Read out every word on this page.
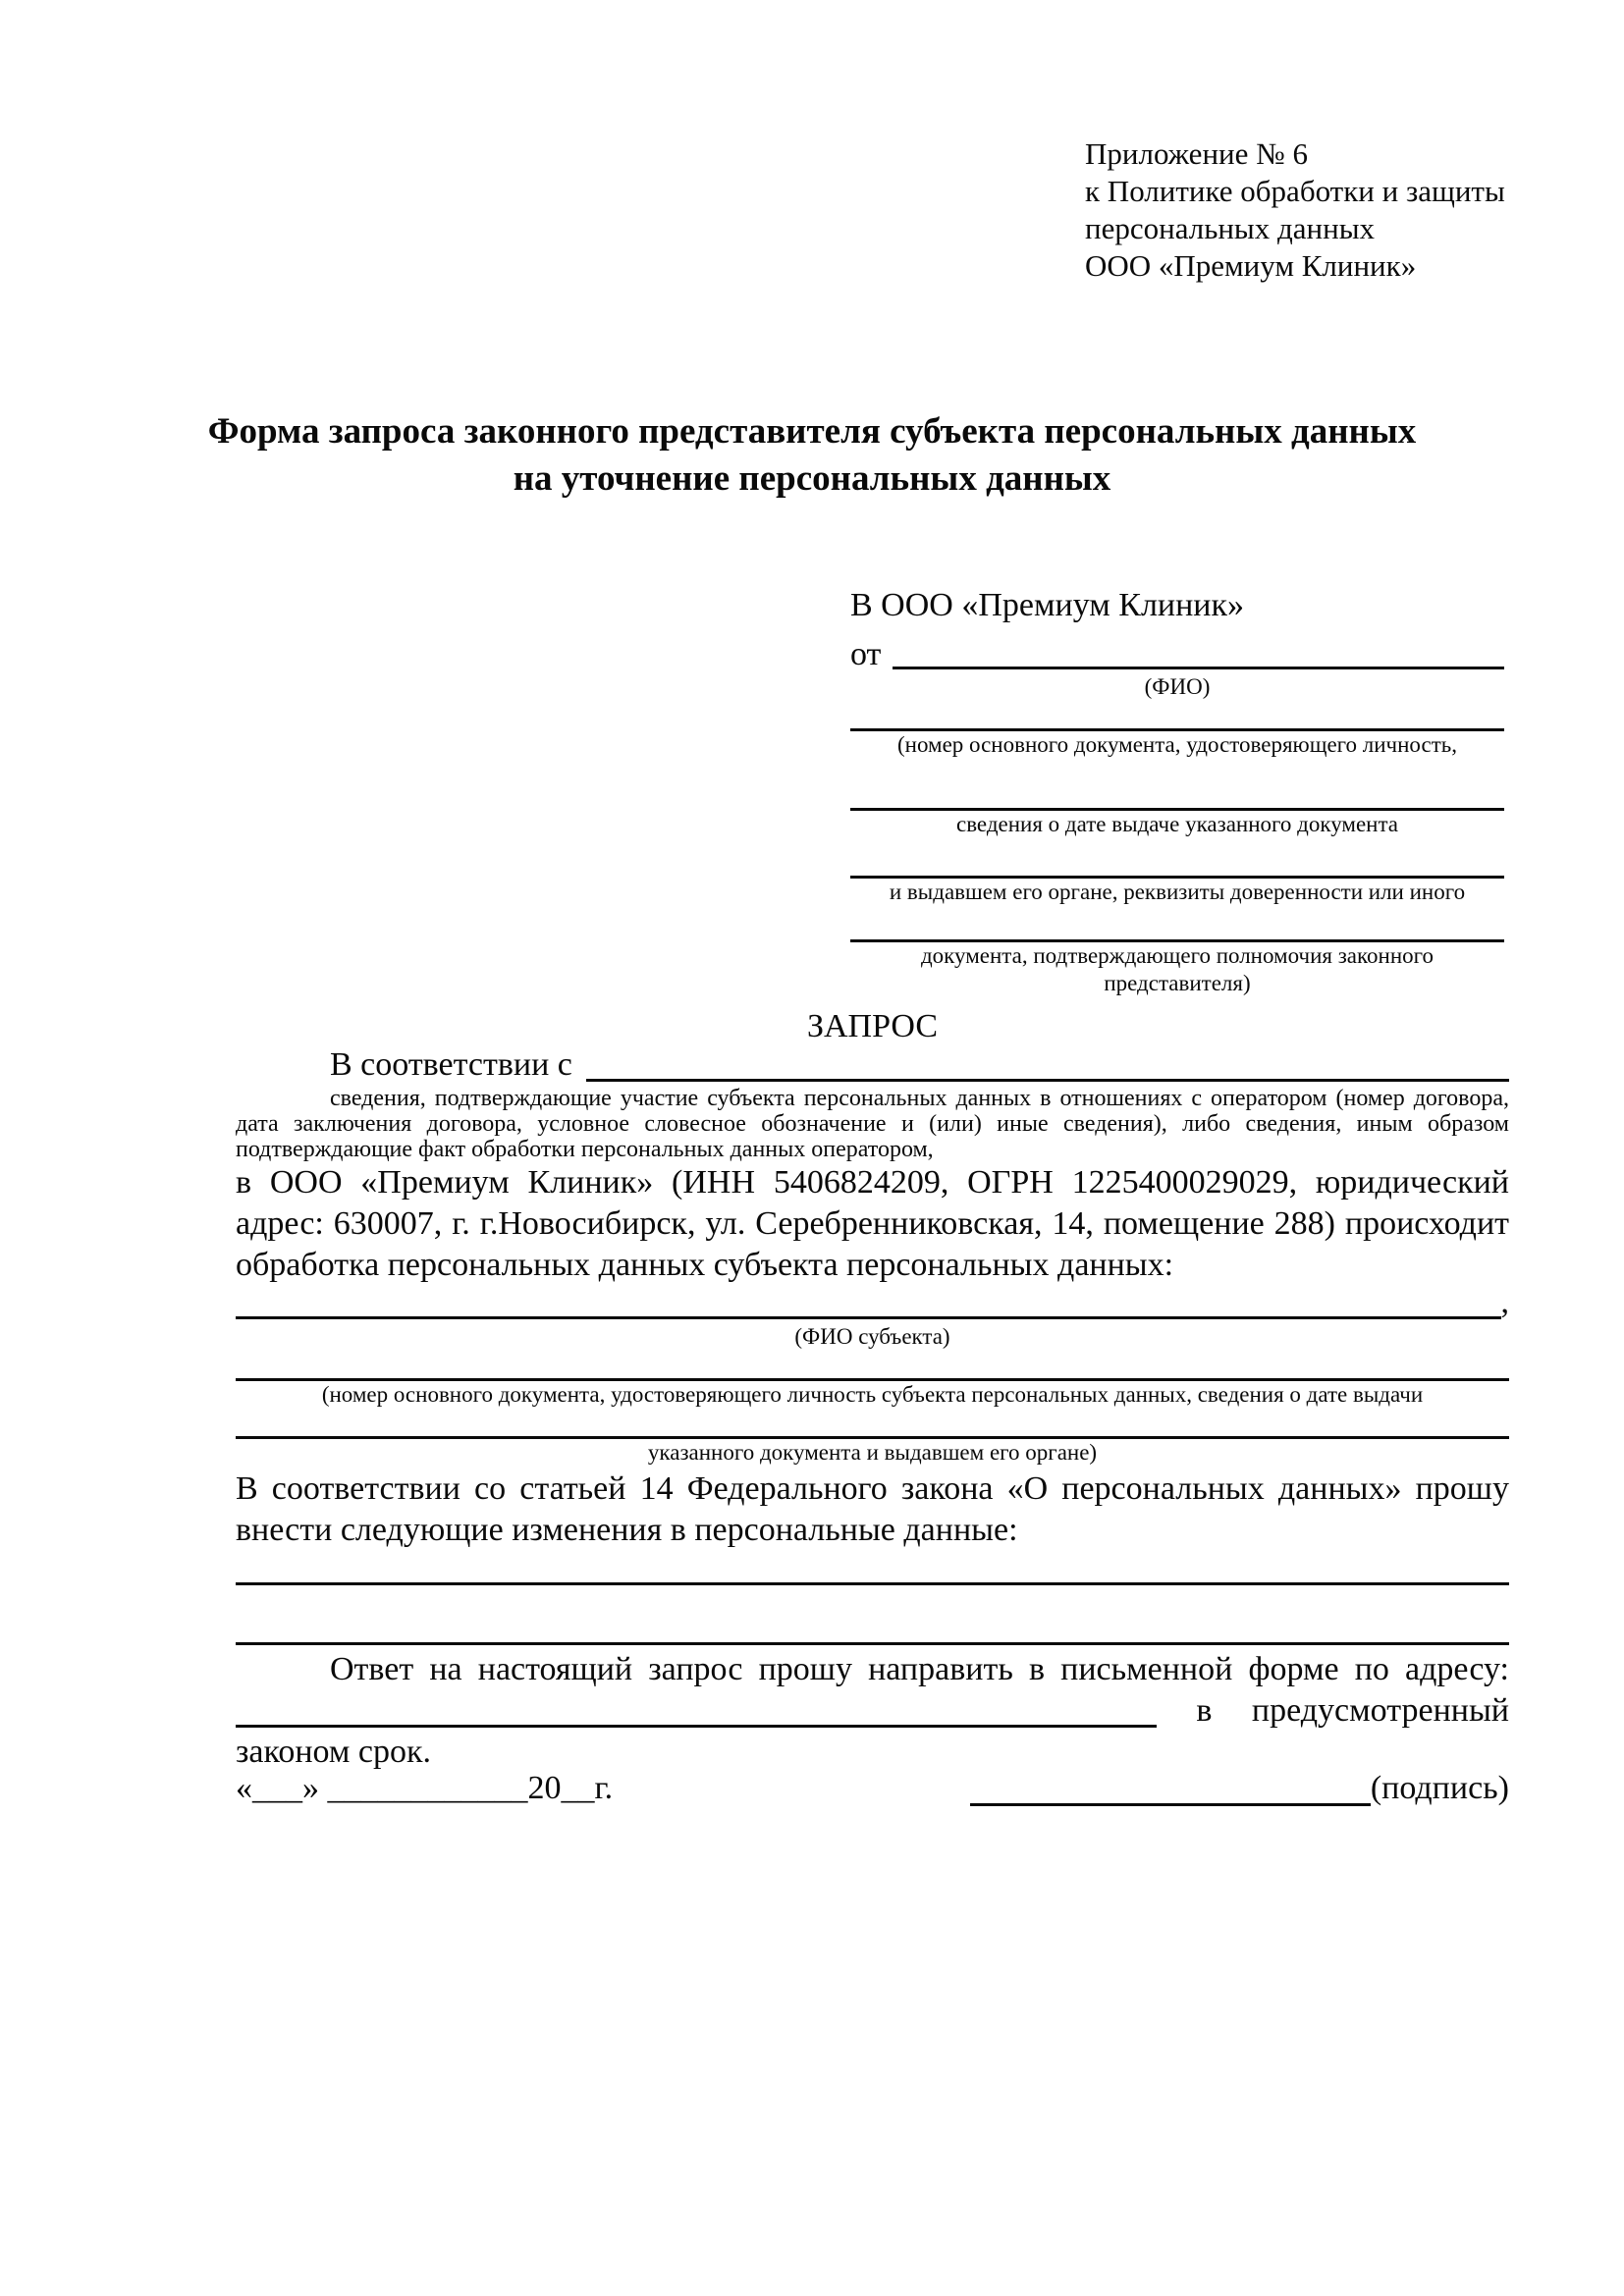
Приложение № 6
к Политике обработки и защиты
персональных данных
ООО «Премиум Клиник»
Форма запроса законного представителя субъекта персональных данных
на уточнение персональных данных
В ООО «Премиум Клиник»
от
(ФИО)
(номер основного документа, удостоверяющего личность,
сведения о дате выдаче указанного документа
и выдавшем его органе, реквизиты доверенности или иного
документа, подтверждающего полномочия законного представителя)
ЗАПРОС
В соответствии с
сведения, подтверждающие участие субъекта персональных данных в отношениях с оператором (номер договора, дата заключения договора, условное словесное обозначение и (или) иные сведения), либо сведения, иным образом подтверждающие факт обработки персональных данных оператором,
в ООО «Премиум Клиник» (ИНН 5406824209, ОГРН 1225400029029, юридический адрес: 630007, г. г.Новосибирск, ул. Серебренниковская, 14, помещение 288) происходит обработка персональных данных субъекта персональных данных:
,
(ФИО субъекта)
(номер основного документа, удостоверяющего личность субъекта персональных данных, сведения о дате выдачи
указанного документа и выдавшем его органе)
В соответствии со статьей 14 Федерального закона «О персональных данных» прошу внести следующие изменения в персональные данные:
Ответ на настоящий запрос прошу направить в письменной форме по адресу:
в предусмотренный
законом срок.
«___» ____________20__г.	(подпись)
